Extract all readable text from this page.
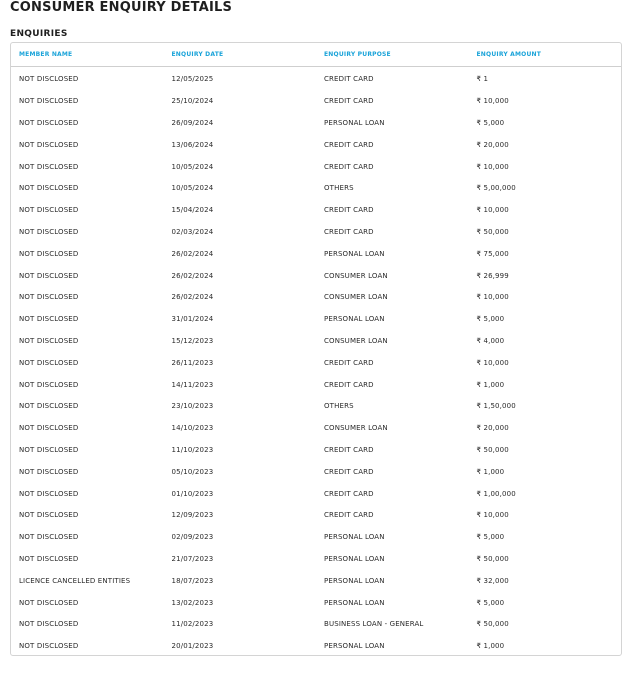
CONSUMER ENQUIRY DETAILS
ENQUIRIES
MEMBER NAME	ENQUIRY DATE	ENQUIRY PURPOSE	ENQUIRY AMOUNT
NOT DISCLOSED	12/05/2025	CREDIT CARD	₹ 1
NOT DISCLOSED	25/10/2024	CREDIT CARD	₹ 10,000
NOT DISCLOSED	26/09/2024	PERSONAL LOAN	₹ 5,000
NOT DISCLOSED	13/06/2024	CREDIT CARD	₹ 20,000
NOT DISCLOSED	10/05/2024	CREDIT CARD	₹ 10,000
NOT DISCLOSED	10/05/2024	OTHERS	₹ 5,00,000
NOT DISCLOSED	15/04/2024	CREDIT CARD	₹ 10,000
NOT DISCLOSED	02/03/2024	CREDIT CARD	₹ 50,000
NOT DISCLOSED	26/02/2024	PERSONAL LOAN	₹ 75,000
NOT DISCLOSED	26/02/2024	CONSUMER LOAN	₹ 26,999
NOT DISCLOSED	26/02/2024	CONSUMER LOAN	₹ 10,000
NOT DISCLOSED	31/01/2024	PERSONAL LOAN	₹ 5,000
NOT DISCLOSED	15/12/2023	CONSUMER LOAN	₹ 4,000
NOT DISCLOSED	26/11/2023	CREDIT CARD	₹ 10,000
NOT DISCLOSED	14/11/2023	CREDIT CARD	₹ 1,000
NOT DISCLOSED	23/10/2023	OTHERS	₹ 1,50,000
NOT DISCLOSED	14/10/2023	CONSUMER LOAN	₹ 20,000
NOT DISCLOSED	11/10/2023	CREDIT CARD	₹ 50,000
NOT DISCLOSED	05/10/2023	CREDIT CARD	₹ 1,000
NOT DISCLOSED	01/10/2023	CREDIT CARD	₹ 1,00,000
NOT DISCLOSED	12/09/2023	CREDIT CARD	₹ 10,000
NOT DISCLOSED	02/09/2023	PERSONAL LOAN	₹ 5,000
NOT DISCLOSED	21/07/2023	PERSONAL LOAN	₹ 50,000
LICENCE CANCELLED ENTITIES	18/07/2023	PERSONAL LOAN	₹ 32,000
NOT DISCLOSED	13/02/2023	PERSONAL LOAN	₹ 5,000
NOT DISCLOSED	11/02/2023	BUSINESS LOAN - GENERAL	₹ 50,000
NOT DISCLOSED	20/01/2023	PERSONAL LOAN	₹ 1,000
